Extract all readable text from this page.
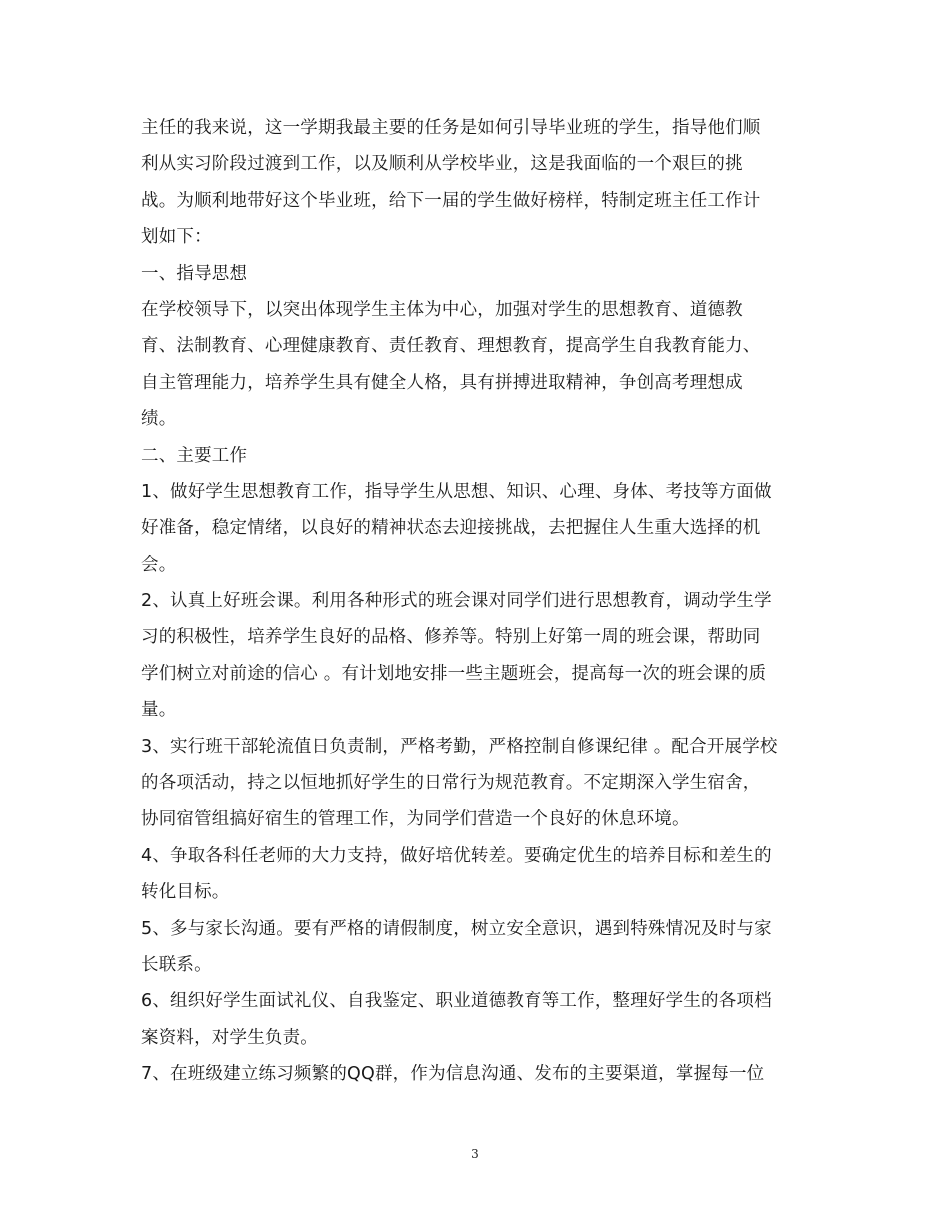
主任的我来说，这一学期我最主要的任务是如何引导毕业班的学生，指导他们顺
利从实习阶段过渡到工作，以及顺利从学校毕业，这是我面临的一个艰巨的挑
战。为顺利地带好这个毕业班，给下一届的学生做好榜样，特制定班主任工作计
划如下：
一、指导思想
在学校领导下，以突出体现学生主体为中心，加强对学生的思想教育、道德教
育、法制教育、心理健康教育、责任教育、理想教育，提高学生自我教育能力、
自主管理能力，培养学生具有健全人格，具有拼搏进取精神，争创高考理想成
绩。
二、主要工作
1、做好学生思想教育工作，指导学生从思想、知识、心理、身体、考技等方面做
好准备，稳定情绪，以良好的精神状态去迎接挑战，去把握住人生重大选择的机
会。
2、认真上好班会课。利用各种形式的班会课对同学们进行思想教育，调动学生学
习的积极性，培养学生良好的品格、修养等。特别上好第一周的班会课，帮助同
学们树立对前途的信心 。有计划地安排一些主题班会，提高每一次的班会课的质
量。
3、实行班干部轮流值日负责制，严格考勤，严格控制自修课纪律 。配合开展学校
的各项活动，持之以恒地抓好学生的日常行为规范教育。不定期深入学生宿舍，
协同宿管组搞好宿生的管理工作，为同学们营造一个良好的休息环境。
4、争取各科任老师的大力支持，做好培优转差。要确定优生的培养目标和差生的
转化目标。
5、多与家长沟通。要有严格的请假制度，树立安全意识，遇到特殊情况及时与家
长联系。
6、组织好学生面试礼仪、自我鉴定、职业道德教育等工作，整理好学生的各项档
案资料，对学生负责。
7、在班级建立练习频繁的QQ群，作为信息沟通、发布的主要渠道，掌握每一位
3
